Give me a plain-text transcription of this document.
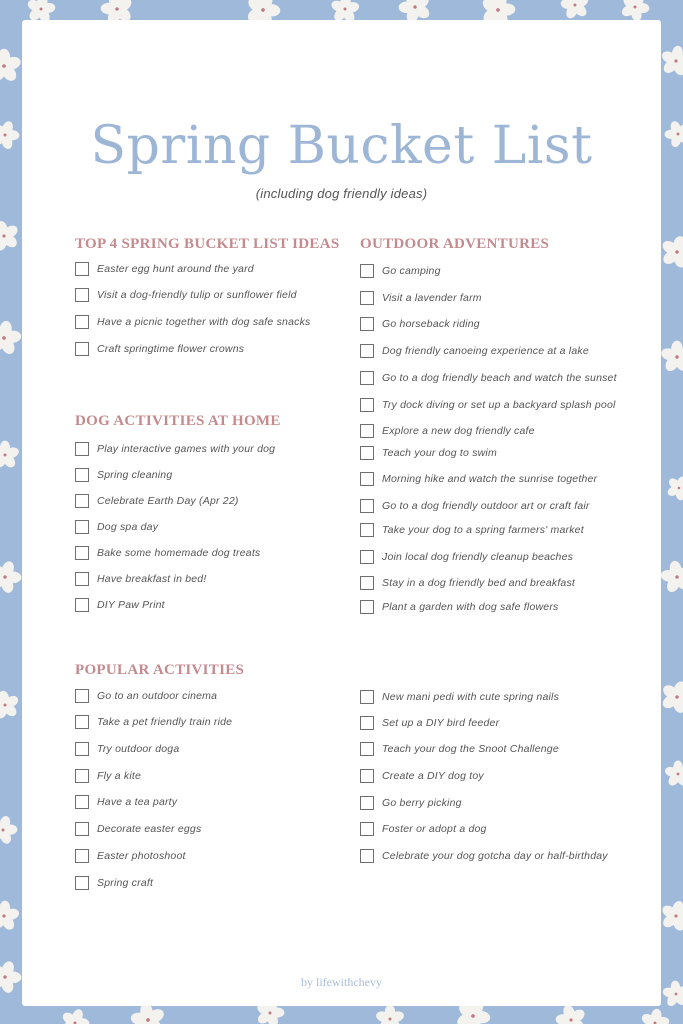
Spring Bucket List
(including dog friendly ideas)
TOP 4 SPRING BUCKET LIST IDEAS
Easter egg hunt around the yard
Visit a dog-friendly tulip or sunflower field
Have a picnic together with dog safe snacks
Craft springtime flower crowns
OUTDOOR ADVENTURES
Go camping
Visit a lavender farm
Go horseback riding
Dog friendly canoeing experience at a lake
Go to a dog friendly beach and watch the sunset
Try dock diving or set up a backyard splash pool
Explore a new dog friendly cafe
Teach your dog to swim
Morning hike and watch the sunrise together
Go to a dog friendly outdoor art or craft fair
Take your dog to a spring farmers' market
Join local dog friendly cleanup beaches
Stay in a dog friendly bed and breakfast
Plant a garden with dog safe flowers
DOG ACTIVITIES AT HOME
Play interactive games with your dog
Spring cleaning
Celebrate Earth Day (Apr 22)
Dog spa day
Bake some homemade dog treats
Have breakfast in bed!
DIY Paw Print
POPULAR ACTIVITIES
Go to an outdoor cinema
Take a pet friendly train ride
Try outdoor doga
Fly a kite
Have a tea party
Decorate easter eggs
Easter photoshoot
Spring craft
New mani pedi with cute spring nails
Set up a DIY bird feeder
Teach your dog the Snoot Challenge
Create a DIY dog toy
Go berry picking
Foster or adopt a dog
Celebrate your dog gotcha day or half-birthday
by lifewithchevy
